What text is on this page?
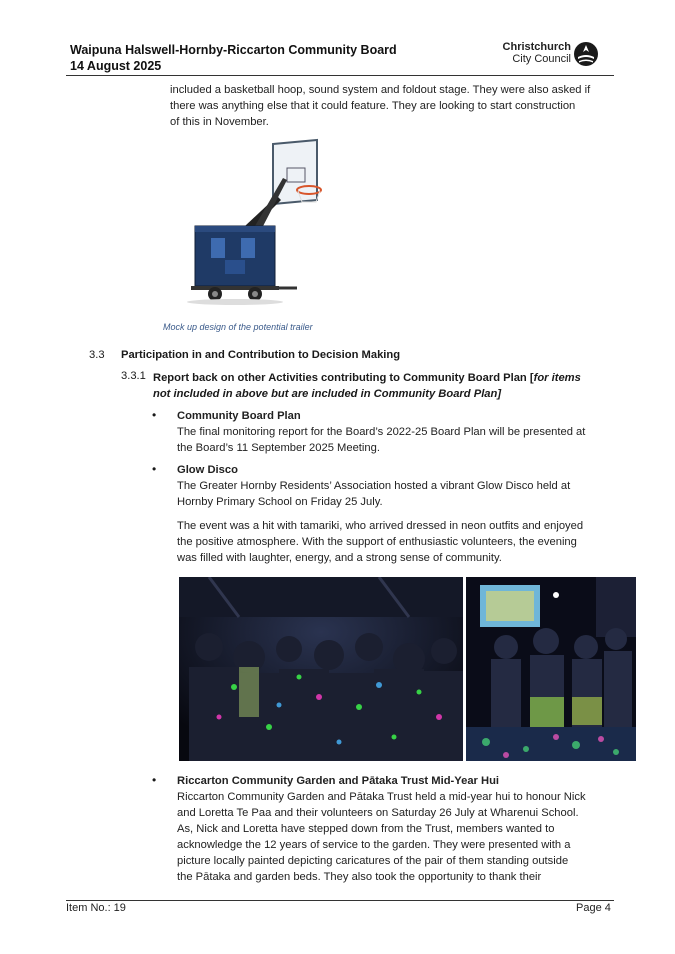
Waipuna Halswell-Hornby-Riccarton Community Board
14 August 2025
Christchurch
City Council
included a basketball hoop, sound system and foldout stage. They were also asked if
there was anything else that it could feature. They are looking to start construction
of this in November.
Mock up design of the potential trailer
3.3 Participation in and Contribution to Decision Making
3.3.1 Report back on other Activities contributing to Community Board Plan [for items
not included in above but are included in Community Board Plan]
• Community Board Plan
The final monitoring report for the Board’s 2022-25 Board Plan will be presented at
the Board’s 11 September 2025 Meeting.
• Glow Disco
The Greater Hornby Residents’ Association hosted a vibrant Glow Disco held at
Hornby Primary School on Friday 25 July.
The event was a hit with tamariki, who arrived dressed in neon outfits and enjoyed
the positive atmosphere. With the support of enthusiastic volunteers, the evening
was filled with laughter, energy, and a strong sense of community.
• Riccarton Community Garden and Pātaka Trust Mid-Year Hui
Riccarton Community Garden and Pātaka Trust held a mid-year hui to honour Nick
and Loretta Te Paa and their volunteers on Saturday 26 July at Wharenui School.
As, Nick and Loretta have stepped down from the Trust, members wanted to
acknowledge the 12 years of service to the garden. They were presented with a
picture locally painted depicting caricatures of the pair of them standing outside
the Pātaka and garden beds. They also took the opportunity to thank their
Item No.: 19	Page 4
